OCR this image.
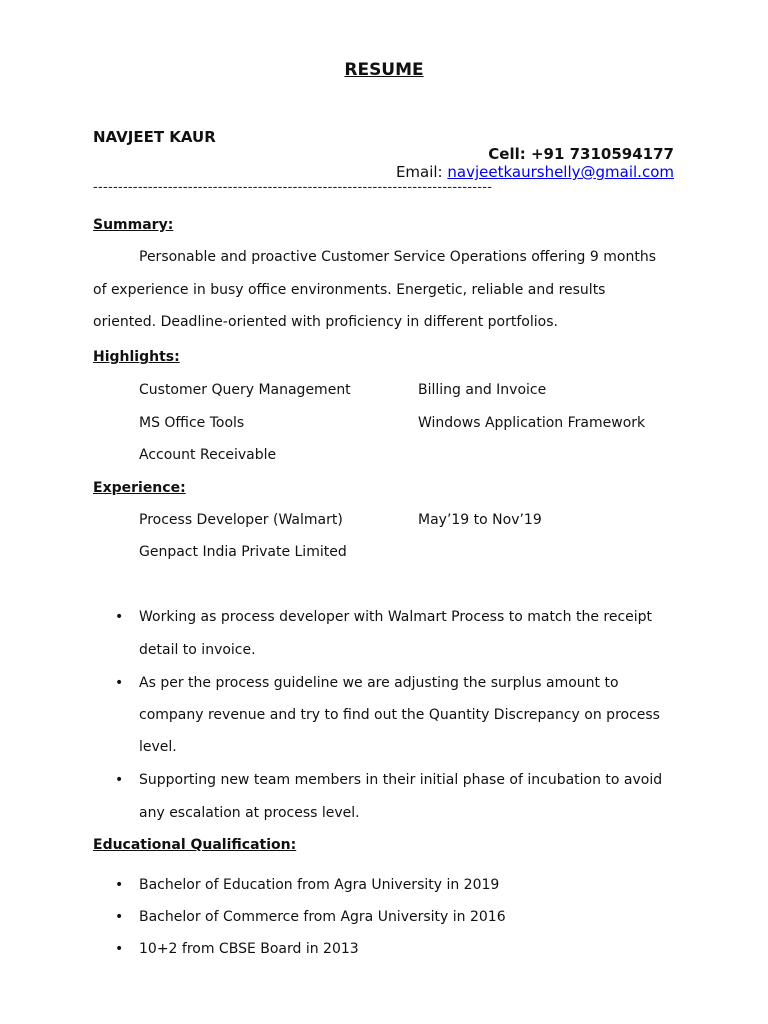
RESUME
NAVJEET KAUR
Cell: +91 7310594177
Email: navjeetkaurshelly@gmail.com
--------------------------------------------------------------------------------
Summary:
Personable and proactive Customer Service Operations offering 9 months
of experience in busy office environments. Energetic, reliable and results
oriented. Deadline-oriented with proficiency in different portfolios.
Highlights:
Customer Query Management	Billing and Invoice
MS Office Tools	Windows Application Framework
Account Receivable
Experience:
Process Developer (Walmart)	May’19 to Nov’19
Genpact India Private Limited
• Working as process developer with Walmart Process to match the receipt
detail to invoice.
• As per the process guideline we are adjusting the surplus amount to
company revenue and try to find out the Quantity Discrepancy on process
level.
• Supporting new team members in their initial phase of incubation to avoid
any escalation at process level.
Educational Qualification:
• Bachelor of Education from Agra University in 2019
• Bachelor of Commerce from Agra University in 2016
• 10+2 from CBSE Board in 2013
